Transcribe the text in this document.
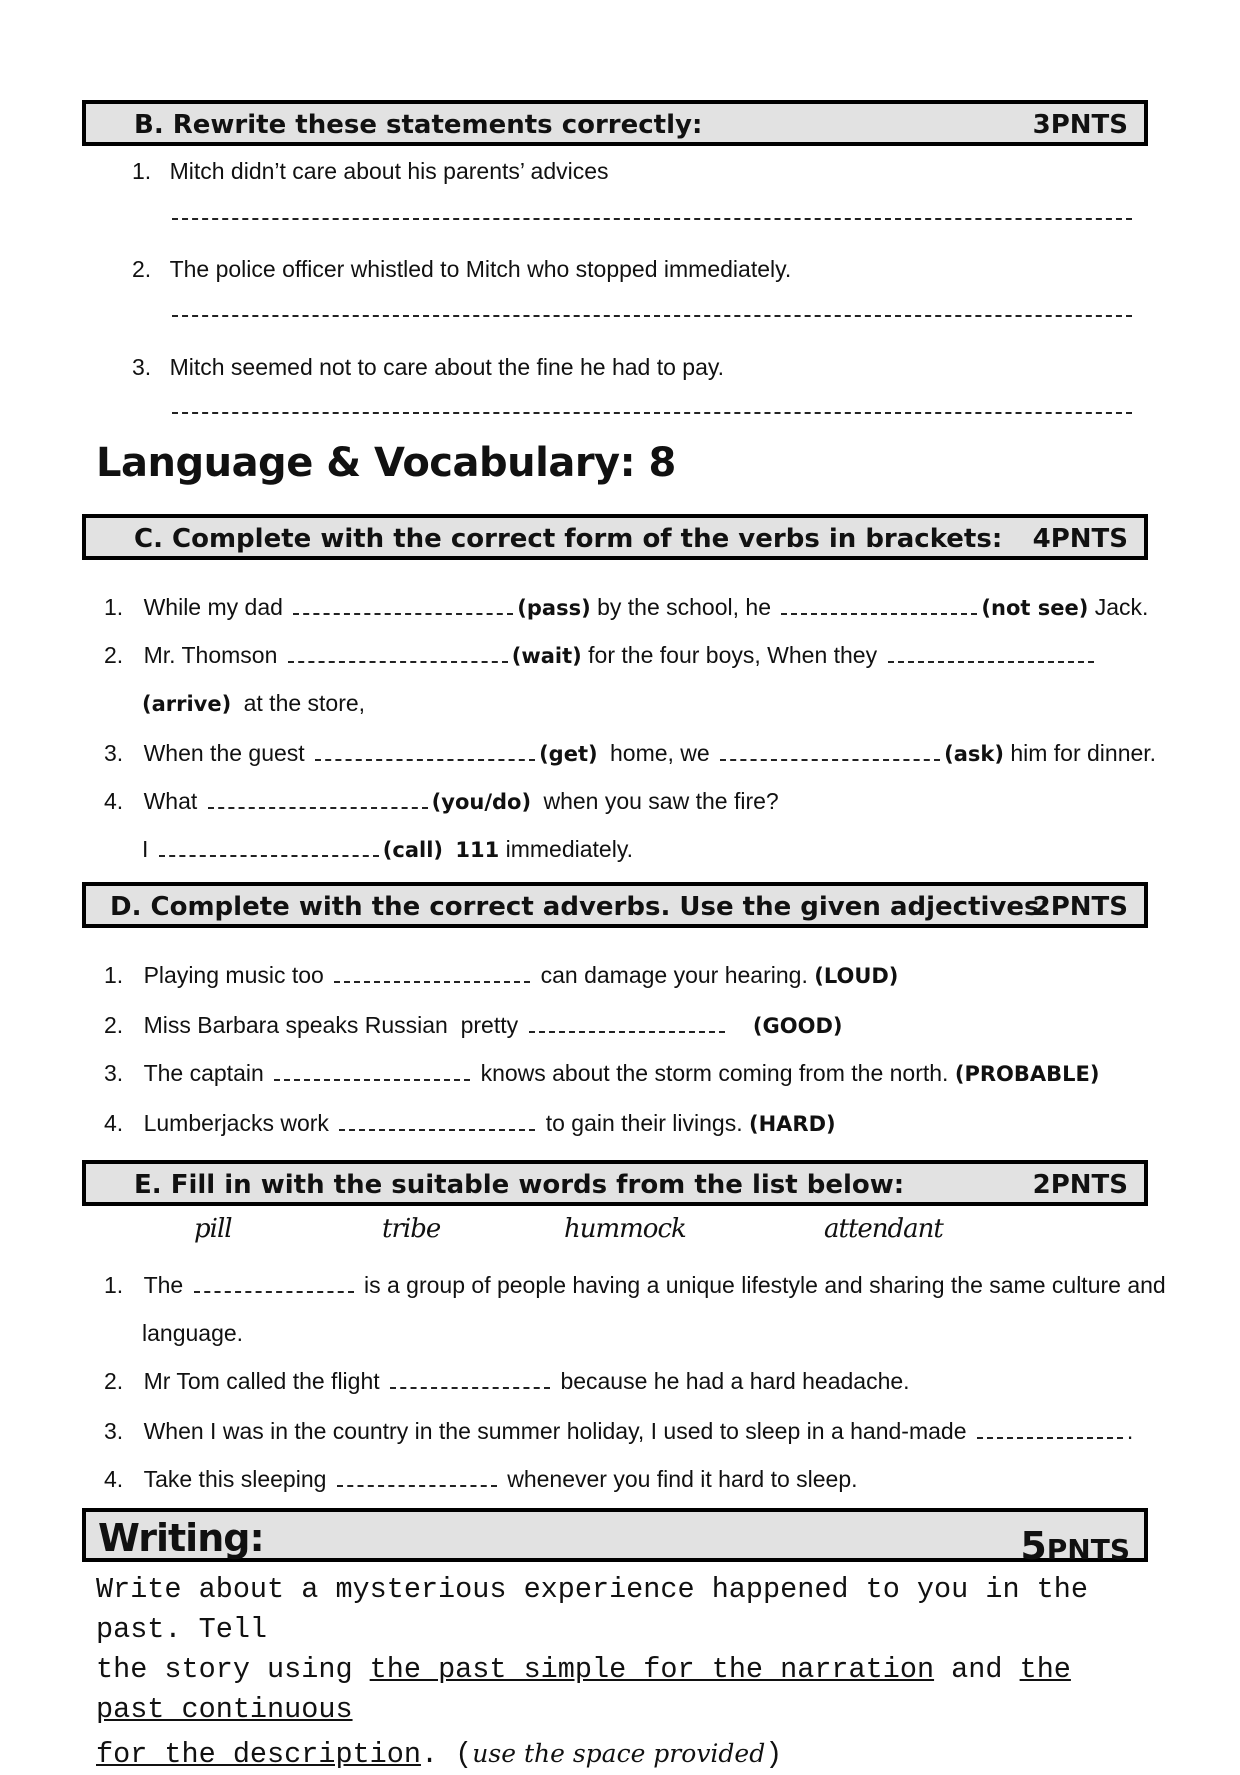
B. Rewrite these statements correctly:	3PNTS
1. Mitch didn’t care about his parents’ advices
2. The police officer whistled to Mitch who stopped immediately.
3. Mitch seemed not to care about the fine he had to pay.
Language & Vocabulary: 8
C. Complete with the correct form of the verbs in brackets: 4PNTS
1. While my dad	(pass) by the school, he	(not see) Jack.
2. Mr. Thomson	(wait) for the four boys, When they
(arrive) at the store,
3. When the guest	(get) home, we	(ask) him for dinner.
4. What	(you/do) when you saw the fire?
I	(call) 111 immediately.
D. Complete with the correct adverbs. Use the given adjectives:
2PNTS
1. Playing music too	can damage your hearing. (LOUD)
2. Miss Barbara speaks Russian  pretty	(GOOD)
3. The captain	knows about the storm coming from the north. (PROBABLE)
4. Lumberjacks work	to gain their livings. (HARD)
E. Fill in with the suitable words from the list below:	2PNTS
pill	tribe	hummock	attendant
1. The	is a group of people having a unique lifestyle and sharing the same culture and
language.
2. Mr Tom called the flight	because he had a hard headache.
3. When I was in the country in the summer holiday, I used to sleep in a hand-made	.
4. Take this sleeping	whenever you find it hard to sleep.
Writing:	5PNTS
Write about a mysterious experience happened to you in the past. Tell
the story using the past simple for the narration and the past continuous
for the description. (use the space provided)
